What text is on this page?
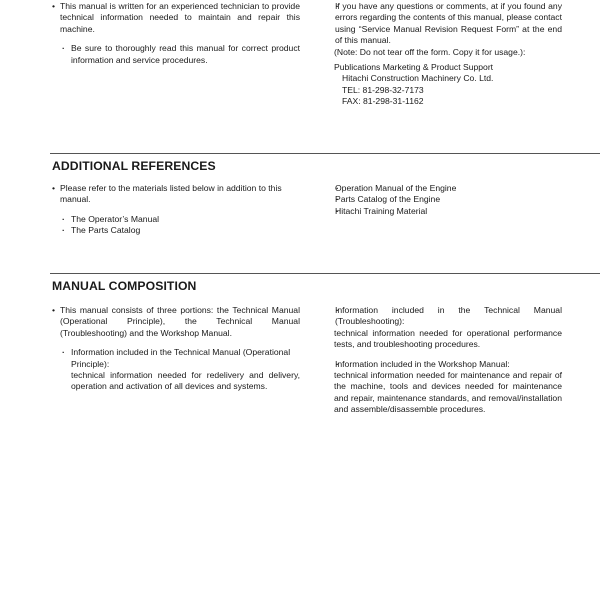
• This manual is written for an experienced technician to provide technical information needed to maintain and repair this machine.

· Be sure to thoroughly read this manual for correct product information and service procedures.

· If you have any questions or comments, at if you found any errors regarding the contents of this manual, please contact using “Service Manual Revision Request Form” at the end of this manual.

(Note: Do not tear off the form. Copy it for usage.):

Publications Marketing & Product Support

Hitachi Construction Machinery Co. Ltd.

TEL: 81-298-32-7173

FAX: 81-298-31-1162

ADDITIONAL REFERENCES

• Please refer to the materials listed below in addition to this manual.

· The Operator’s Manual

· The Parts Catalog

· Operation Manual of the Engine

· Parts Catalog of the Engine

· Hitachi Training Material

MANUAL COMPOSITION

• This manual consists of three portions: the Technical Manual (Operational Principle), the Technical Manual (Troubleshooting) and the Workshop Manual.

· Information included in the Technical Manual (Operational Principle):

technical information needed for redelivery and delivery, operation and activation of all devices and systems.

· Information included in the Technical Manual (Troubleshooting):

technical information needed for operational performance tests, and troubleshooting procedures.

· Information included in the Workshop Manual:

technical information needed for maintenance and repair of the machine, tools and devices needed for maintenance and repair, maintenance standards, and removal/installation and assemble/disassemble procedures.
